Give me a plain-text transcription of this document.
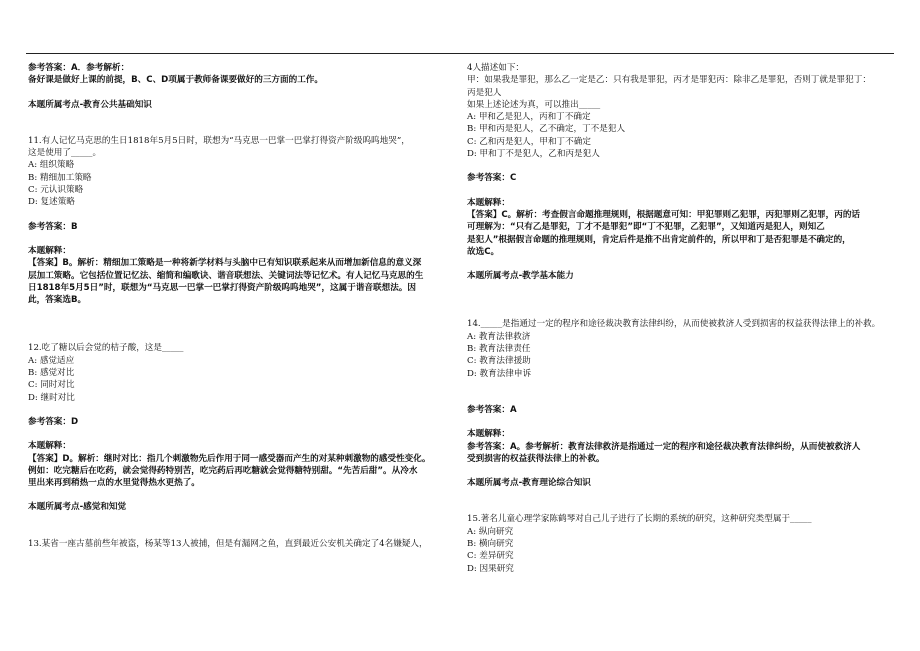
参考答案：A．参考解析：
备好课是做好上课的前提，B、C、D项属于教师备课要做好的三方面的工作。
本题所属考点-教育公共基础知识
11.有人记忆马克思的生日1818年5月5日时，联想为“马克思一巴掌一巴掌打得资产阶级呜呜地哭”，
这是使用了_____。
A: 组织策略
B: 精细加工策略
C: 元认识策略
D: 复述策略
参考答案：B
本题解释：
【答案】B。解析：精细加工策略是一种将新学材料与头脑中已有知识联系起来从而增加新信息的意义深
层加工策略。它包括位置记忆法、缩简和编歌诀、谐音联想法、关键词法等记忆术。有人记忆马克思的生
日1818年5月5日”时，联想为“马克思一巴掌一巴掌打得资产阶级呜呜地哭”，这属于谐音联想法。因
此，答案选B。
12.吃了糖以后会觉的桔子酸，这是_____
A: 感觉适应
B: 感觉对比
C: 同时对比
D: 继时对比
参考答案：D
本题解释：
【答案】D。解析：继时对比：指几个刺激物先后作用于同一感受器而产生的对某种刺激物的感受性变化。
例如：吃完糖后在吃药，就会觉得药特别苦，吃完药后再吃糖就会觉得糖特别甜。“先苦后甜”。从冷水
里出来再到稍热一点的水里觉得热水更热了。
本题所属考点-感觉和知觉
13.某省一座古墓前些年被盗，杨某等13人被捕，但是有漏网之鱼，直到最近公安机关确定了4名嫌疑人，
4人描述如下：
甲：如果我是罪犯，那么乙一定是乙：只有我是罪犯，丙才是罪犯丙：除非乙是罪犯，否则丁就是罪犯丁：
丙是犯人
如果上述论述为真，可以推出_____
A: 甲和乙是犯人，丙和丁不确定
B: 甲和丙是犯人，乙不确定，丁不是犯人
C: 乙和丙是犯人，甲和丁不确定
D: 甲和丁不是犯人，乙和丙是犯人
参考答案：C
本题解释：
【答案】C。解析：考查假言命题推理规则，根据题意可知：甲犯罪则乙犯罪，丙犯罪则乙犯罪，丙的话
可理解为：“只有乙是罪犯，丁才不是罪犯”即“丁不犯罪，乙犯罪”，又知道丙是犯人，则知乙
是犯人”根据假言命题的推理规则，肯定后件是推不出肯定前件的，所以甲和丁是否犯罪是不确定的，
故选C。
本题所属考点-教学基本能力
14._____是指通过一定的程序和途径裁决教育法律纠纷，从而使被救济人受到损害的权益获得法律上的补救。
A: 教育法律救济
B: 教育法律责任
C: 教育法律援助
D: 教育法律申诉
参考答案：A
本题解释：
参考答案：A。参考解析：教育法律救济是指通过一定的程序和途径裁决教育法律纠纷，从而使被救济人
受到损害的权益获得法律上的补救。
本题所属考点-教育理论综合知识
15.著名儿童心理学家陈鹤琴对自己儿子进行了长期的系统的研究，这种研究类型属于_____
A: 纵向研究
B: 横向研究
C: 差异研究
D: 因果研究
